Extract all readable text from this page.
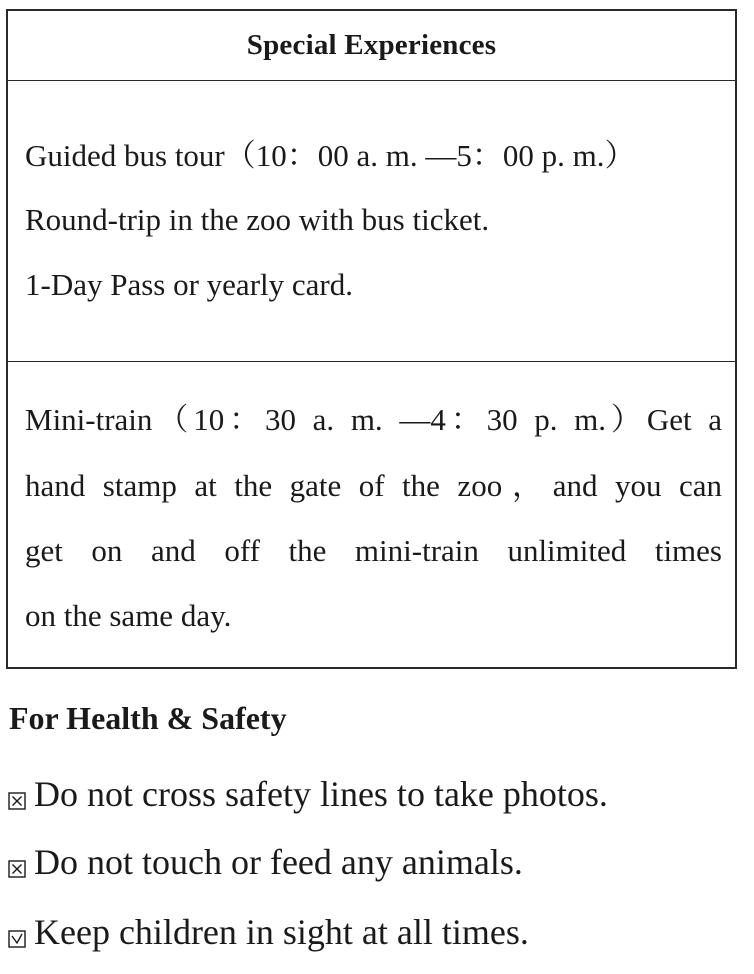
Special Experiences
Guided bus tour（10：00 a. m. —5：00 p. m.）
Round-trip in the zoo with bus ticket.
1-Day Pass or yearly card.
Mini-train（10：30 a. m. —4：30 p. m.）Get a
hand stamp at the gate of the zoo，and you can
get on and off the mini-train unlimited times
on the same day.
For Health & Safety
Do not cross safety lines to take photos.
Do not touch or feed any animals.
Keep children in sight at all times.
